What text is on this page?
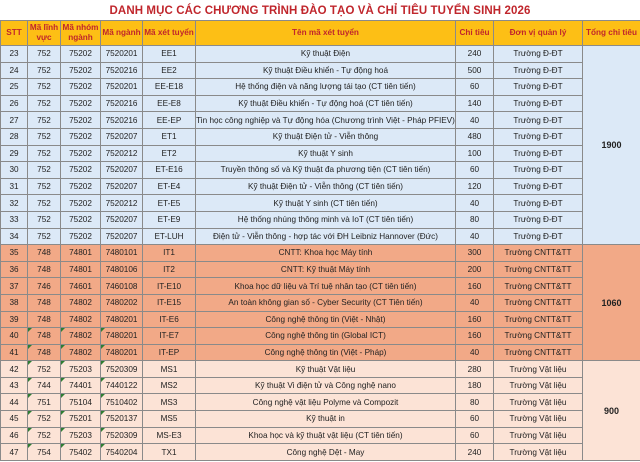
DANH MỤC CÁC CHƯƠNG TRÌNH ĐÀO TẠO VÀ CHỈ TIÊU TUYỂN SINH 2026
STT	Mã lĩnh vực	Mã nhóm ngành	Mã ngành	Mã xét tuyển	Tên mã xét tuyển	Chỉ tiêu	Đơn vị quản lý	Tổng chỉ tiêu
23	752	75202	7520201	EE1	Kỹ thuật Điện	240	Trường Đ-ĐT	1900
24	752	75202	7520216	EE2	Kỹ thuật Điều khiển - Tự động hoá	500	Trường Đ-ĐT	
25	752	75202	7520201	EE-E18	Hệ thống điện và năng lượng tái tạo (CT tiên tiến)	60	Trường Đ-ĐT	
26	752	75202	7520216	EE-E8	Kỹ thuật Điều khiển - Tự động hoá (CT tiên tiến)	140	Trường Đ-ĐT	
27	752	75202	7520216	EE-EP	Tin học công nghiệp và Tự động hóa (Chương trình Việt - Pháp PFIEV)	40	Trường Đ-ĐT	
28	752	75202	7520207	ET1	Kỹ thuật Điện tử - Viễn thông	480	Trường Đ-ĐT	
29	752	75202	7520212	ET2	Kỹ thuật Y sinh	100	Trường Đ-ĐT	
30	752	75202	7520207	ET-E16	Truyền thông số và Kỹ thuật đa phương tiện (CT tiên tiến)	60	Trường Đ-ĐT	
31	752	75202	7520207	ET-E4	Kỹ thuật Điện tử - Viễn thông (CT tiên tiến)	120	Trường Đ-ĐT	
32	752	75202	7520212	ET-E5	Kỹ thuật Y sinh (CT tiên tiến)	40	Trường Đ-ĐT	
33	752	75202	7520207	ET-E9	Hệ thống nhúng thông minh và IoT (CT tiên tiến)	80	Trường Đ-ĐT	
34	752	75202	7520207	ET-LUH	Điện tử - Viễn thông - hợp tác với ĐH Leibniz Hannover (Đức)	40	Trường Đ-ĐT	
35	748	74801	7480101	IT1	CNTT: Khoa học Máy tính	300	Trường CNTT&TT	1060
36	748	74801	7480106	IT2	CNTT: Kỹ thuật Máy tính	200	Trường CNTT&TT	
37	746	74601	7460108	IT-E10	Khoa học dữ liệu và Trí tuệ nhân tạo (CT tiên tiến)	160	Trường CNTT&TT	
38	748	74802	7480202	IT-E15	An toàn không gian số - Cyber Security (CT Tiên tiến)	40	Trường CNTT&TT	
39	748	74802	7480201	IT-E6	Công nghệ thông tin (Việt - Nhật)	160	Trường CNTT&TT	
40	748	74802	7480201	IT-E7	Công nghệ thông tin (Global ICT)	160	Trường CNTT&TT	
41	748	74802	7480201	IT-EP	Công nghệ thông tin (Việt - Pháp)	40	Trường CNTT&TT	
42	752	75203	7520309	MS1	Kỹ thuật Vật liệu	280	Trường Vật liệu	900
43	744	74401	7440122	MS2	Kỹ thuật Vi điện tử và Công nghệ nano	180	Trường Vật liệu	
44	751	75104	7510402	MS3	Công nghệ vật liệu Polyme và Compozit	80	Trường Vật liệu	
45	752	75201	7520137	MS5	Kỹ thuật in	60	Trường Vật liệu	
46	752	75203	7520309	MS-E3	Khoa học và kỹ thuật vật liệu (CT tiên tiến)	60	Trường Vật liệu	
47	754	75402	7540204	TX1	Công nghệ Dệt - May	240	Trường Vật liệu	
